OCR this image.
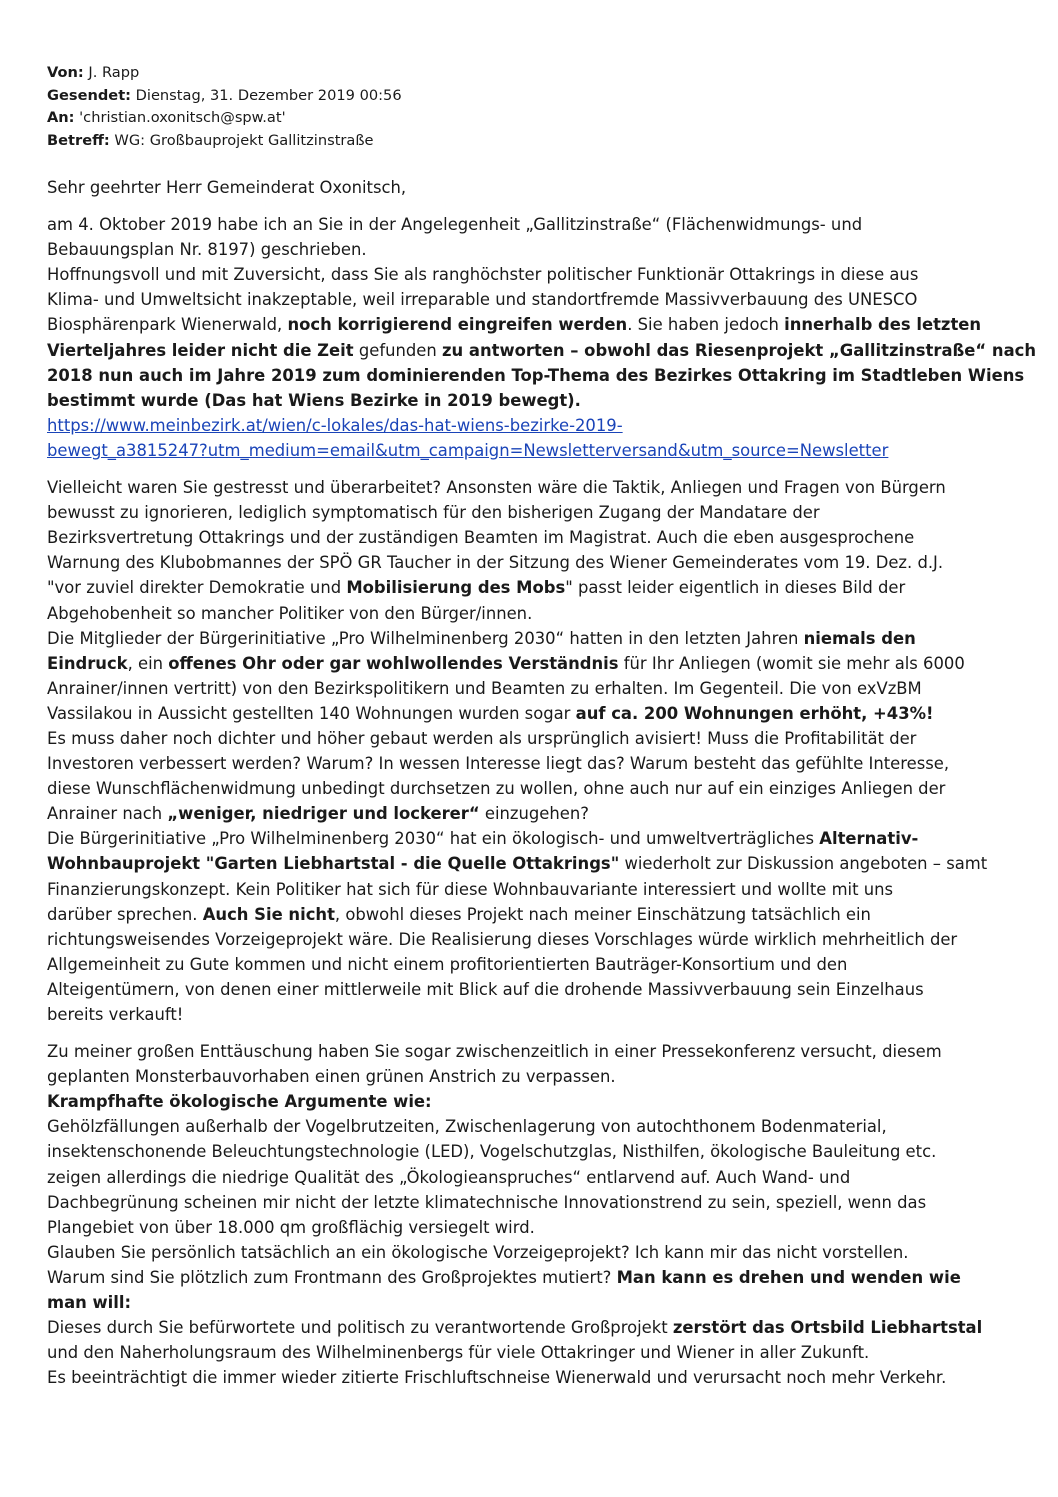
Von: J. Rapp
Gesendet: Dienstag, 31. Dezember 2019 00:56
An: 'christian.oxonitsch@spw.at'
Betreff: WG: Großbauprojekt Gallitzinstraße

Sehr geehrter Herr Gemeinderat Oxonitsch,

am 4. Oktober 2019 habe ich an Sie in der Angelegenheit „Gallitzinstraße“ (Flächenwidmungs- und
Bebauungsplan Nr. 8197) geschrieben.
Hoffnungsvoll und mit Zuversicht, dass Sie als ranghöchster politischer Funktionär Ottakrings in diese aus
Klima- und Umweltsicht inakzeptable, weil irreparable und standortfremde Massivverbauung des UNESCO
Biosphärenpark Wienerwald, noch korrigierend eingreifen werden. Sie haben jedoch innerhalb des letzten
Vierteljahres leider nicht die Zeit gefunden zu antworten – obwohl das Riesenprojekt „Gallitzinstraße“ nach
2018 nun auch im Jahre 2019 zum dominierenden Top-Thema des Bezirkes Ottakring im Stadtleben Wiens
bestimmt wurde (Das hat Wiens Bezirke in 2019 bewegt).
https://www.meinbezirk.at/wien/c-lokales/das-hat-wiens-bezirke-2019-
bewegt_a3815247?utm_medium=email&utm_campaign=Newsletterversand&utm_source=Newsletter

Vielleicht waren Sie gestresst und überarbeitet? Ansonsten wäre die Taktik, Anliegen und Fragen von Bürgern
bewusst zu ignorieren, lediglich symptomatisch für den bisherigen Zugang der Mandatare der
Bezirksvertretung Ottakrings und der zuständigen Beamten im Magistrat. Auch die eben ausgesprochene
Warnung des Klubobmannes der SPÖ GR Taucher in der Sitzung des Wiener Gemeinderates vom 19. Dez. d.J.
"vor zuviel direkter Demokratie und Mobilisierung des Mobs" passt leider eigentlich in dieses Bild der
Abgehobenheit so mancher Politiker von den Bürger/innen.
Die Mitglieder der Bürgerinitiative „Pro Wilhelminenberg 2030“ hatten in den letzten Jahren niemals den
Eindruck, ein offenes Ohr oder gar wohlwollendes Verständnis für Ihr Anliegen (womit sie mehr als 6000
Anrainer/innen vertritt) von den Bezirkspolitikern und Beamten zu erhalten. Im Gegenteil. Die von exVzBM
Vassilakou in Aussicht gestellten 140 Wohnungen wurden sogar auf ca. 200 Wohnungen erhöht, +43%!
Es muss daher noch dichter und höher gebaut werden als ursprünglich avisiert! Muss die Profitabilität der
Investoren verbessert werden? Warum? In wessen Interesse liegt das? Warum besteht das gefühlte Interesse,
diese Wunschflächenwidmung unbedingt durchsetzen zu wollen, ohne auch nur auf ein einziges Anliegen der
Anrainer nach „weniger, niedriger und lockerer“ einzugehen?
Die Bürgerinitiative „Pro Wilhelminenberg 2030“ hat ein ökologisch- und umweltverträgliches Alternativ-
Wohnbauprojekt "Garten Liebhartstal - die Quelle Ottakrings" wiederholt zur Diskussion angeboten – samt
Finanzierungskonzept. Kein Politiker hat sich für diese Wohnbauvariante interessiert und wollte mit uns
darüber sprechen. Auch Sie nicht, obwohl dieses Projekt nach meiner Einschätzung tatsächlich ein
richtungsweisendes Vorzeigeprojekt wäre. Die Realisierung dieses Vorschlages würde wirklich mehrheitlich der
Allgemeinheit zu Gute kommen und nicht einem profitorientierten Bauträger-Konsortium und den
Alteigentümern, von denen einer mittlerweile mit Blick auf die drohende Massivverbauung sein Einzelhaus
bereits verkauft!

Zu meiner großen Enttäuschung haben Sie sogar zwischenzeitlich in einer Pressekonferenz versucht, diesem
geplanten Monsterbauvorhaben einen grünen Anstrich zu verpassen.
Krampfhafte ökologische Argumente wie:
Gehölzfällungen außerhalb der Vogelbrutzeiten, Zwischenlagerung von autochthonem Bodenmaterial,
insektenschonende Beleuchtungstechnologie (LED), Vogelschutzglas, Nisthilfen, ökologische Bauleitung etc.
zeigen allerdings die niedrige Qualität des „Ökologieanspruches“ entlarvend auf. Auch Wand- und
Dachbegrünung scheinen mir nicht der letzte klimatechnische Innovationstrend zu sein, speziell, wenn das
Plangebiet von über 18.000 qm großflächig versiegelt wird.
Glauben Sie persönlich tatsächlich an ein ökologische Vorzeigeprojekt? Ich kann mir das nicht vorstellen.
Warum sind Sie plötzlich zum Frontmann des Großprojektes mutiert? Man kann es drehen und wenden wie
man will:
Dieses durch Sie befürwortete und politisch zu verantwortende Großprojekt zerstört das Ortsbild Liebhartstal
und den Naherholungsraum des Wilhelminenbergs für viele Ottakringer und Wiener in aller Zukunft.
Es beeinträchtigt die immer wieder zitierte Frischluftschneise Wienerwald und verursacht noch mehr Verkehr.
